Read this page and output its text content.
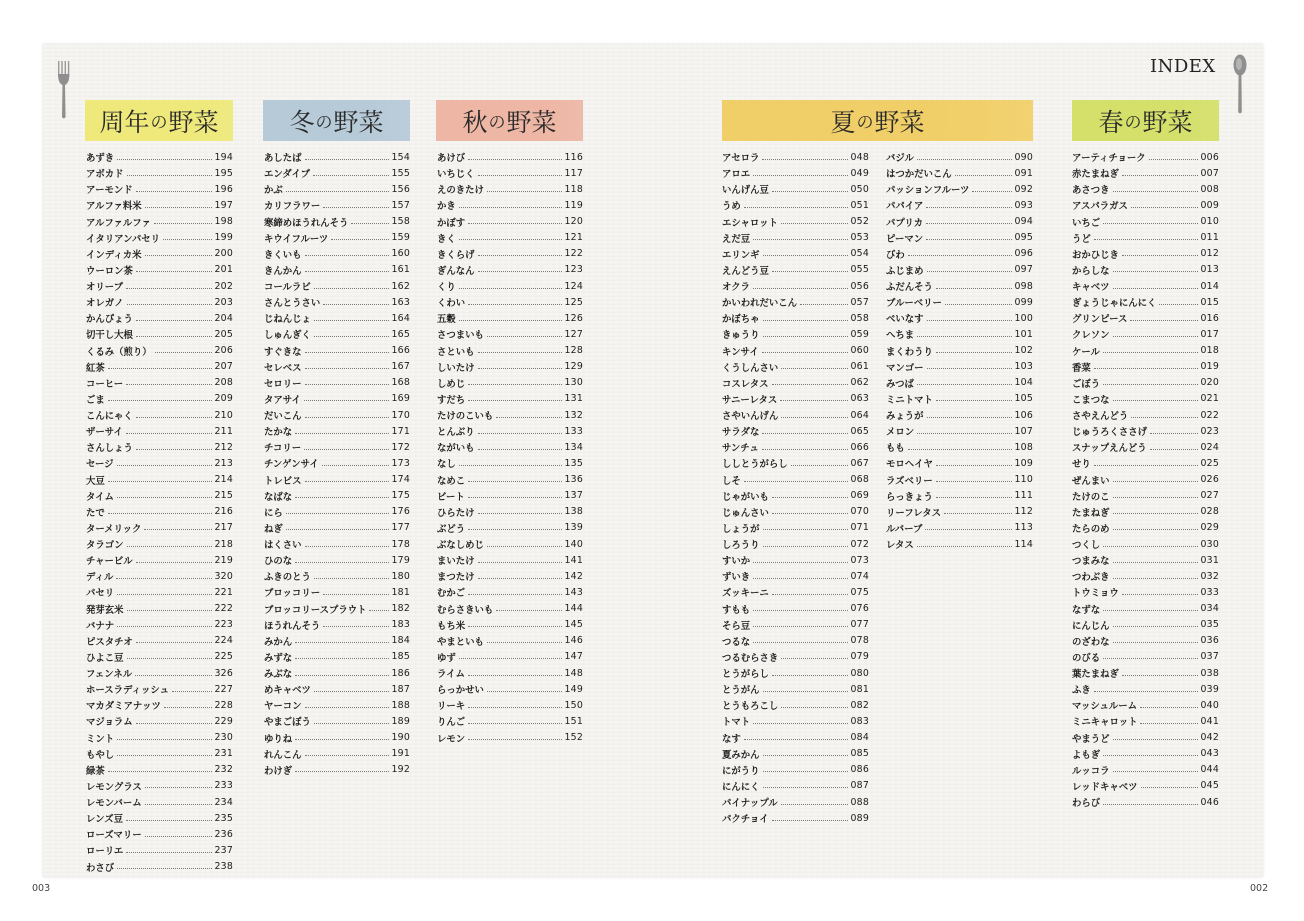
INDEX
003	002
周年 の 野菜	冬 の 野菜	秋 の 野菜	夏 の 野菜	春 の 野菜
あずき	194
アボカド	195
アーモンド	196
アルファ料米	197
アルファルファ	198
イタリアンパセリ	199
インディカ米	200
ウーロン茶	201
オリーブ	202
オレガノ	203
かんぴょう	204
切干し大根	205
くるみ（煎り）	206
紅茶	207
コーヒー	208
ごま	209
こんにゃく	210
ザーサイ	211
さんしょう	212
セージ	213
大豆	214
タイム	215
たで	216
ターメリック	217
タラゴン	218
チャービル	219
ディル	320
パセリ	221
発芽玄米	222
バナナ	223
ピスタチオ	224
ひよこ豆	225
フェンネル	326
ホースラディッシュ	227
マカダミアナッツ	228
マジョラム	229
ミント	230
もやし	231
緑茶	232
レモングラス	233
レモンバーム	234
レンズ豆	235
ローズマリー	236
ローリエ	237
わさび	238
あしたば	154
エンダイブ	155
かぶ	156
カリフラワー	157
寒締めほうれんそう	158
キウイフルーツ	159
きくいも	160
きんかん	161
コールラビ	162
さんとうさい	163
じねんじょ	164
しゅんぎく	165
すぐきな	166
セレベス	167
セロリー	168
タアサイ	169
だいこん	170
たかな	171
チコリー	172
チンゲンサイ	173
トレビス	174
なばな	175
にら	176
ねぎ	177
はくさい	178
ひのな	179
ふきのとう	180
ブロッコリー	181
ブロッコリースプラウト	182
ほうれんそう	183
みかん	184
みずな	185
みぶな	186
めキャベツ	187
ヤーコン	188
やまごぼう	189
ゆりね	190
れんこん	191
わけぎ	192
あけび	116
いちじく	117
えのきたけ	118
かき	119
かぼす	120
きく	121
きくらげ	122
ぎんなん	123
くり	124
くわい	125
五穀	126
さつまいも	127
さといも	128
しいたけ	129
しめじ	130
すだち	131
たけのこいも	132
とんぶり	133
ながいも	134
なし	135
なめこ	136
ビート	137
ひらたけ	138
ぶどう	139
ぶなしめじ	140
まいたけ	141
まつたけ	142
むかご	143
むらさきいも	144
もち米	145
やまといも	146
ゆず	147
ライム	148
らっかせい	149
リーキ	150
りんご	151
レモン	152
アセロラ	048
アロエ	049
いんげん豆	050
うめ	051
エシャロット	052
えだ豆	053
エリンギ	054
えんどう豆	055
オクラ	056
かいわれだいこん	057
かぼちゃ	058
きゅうり	059
キンサイ	060
くうしんさい	061
コスレタス	062
サニーレタス	063
さやいんげん	064
サラダな	065
サンチュ	066
ししとうがらし	067
しそ	068
じゃがいも	069
じゅんさい	070
しょうが	071
しろうり	072
すいか	073
ずいき	074
ズッキーニ	075
すもも	076
そら豆	077
つるな	078
つるむらさき	079
とうがらし	080
とうがん	081
とうもろこし	082
トマト	083
なす	084
夏みかん	085
にがうり	086
にんにく	087
パイナップル	088
パクチョイ	089
バジル	090
はつかだいこん	091
パッションフルーツ	092
パパイア	093
パプリカ	094
ピーマン	095
びわ	096
ふじまめ	097
ふだんそう	098
ブルーベリー	099
べいなす	100
へちま	101
まくわうり	102
マンゴー	103
みつば	104
ミニトマト	105
みょうが	106
メロン	107
もも	108
モロヘイヤ	109
ラズベリー	110
らっきょう	111
リーフレタス	112
ルバーブ	113
レタス	114
アーティチョーク	006
赤たまねぎ	007
あさつき	008
アスパラガス	009
いちご	010
うど	011
おかひじき	012
からしな	013
キャベツ	014
ぎょうじゃにんにく	015
グリンピース	016
クレソン	017
ケール	018
香菜	019
ごぼう	020
こまつな	021
さやえんどう	022
じゅうろくささげ	023
スナップえんどう	024
せり	025
ぜんまい	026
たけのこ	027
たまねぎ	028
たらのめ	029
つくし	030
つまみな	031
つわぶき	032
トウミョウ	033
なずな	034
にんじん	035
のざわな	036
のびる	037
葉たまねぎ	038
ふき	039
マッシュルーム	040
ミニキャロット	041
やまうど	042
よもぎ	043
ルッコラ	044
レッドキャベツ	045
わらび	046
